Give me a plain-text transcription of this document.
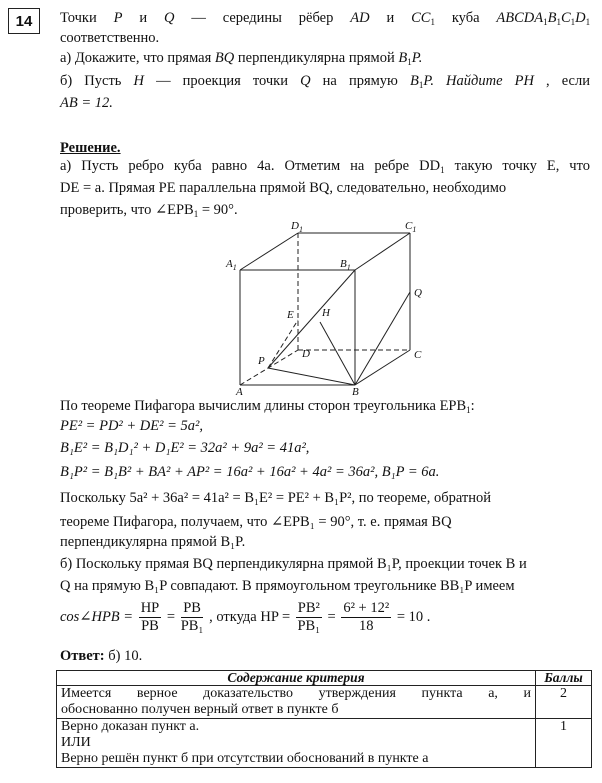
14	Точки P и Q — середины рёбер AD и $CC_1$ куба $ABCDA_1B_1C_1D_1$
соответственно.
а) Докажите, что прямая BQ перпендикулярна прямой $B_1P$.
б) Пусть H — проекция точки Q на прямую $B_1P$. Найдите PH , если
AB = 12.
Решение.
а) Пусть ребро куба равно 4a. Отметим на ребре $DD_1$ такую точку E, что
DE = a. Прямая PE параллельна прямой BQ, следовательно, необходимо
проверить, что $\angle EPB_1 = 90^\circ$.
$A_1$	$B_1$
$D_1$	$C_1$
A	B
C
D
E	H
P
Q
По теореме Пифагора вычислим длины сторон треугольника $EPB_1$:
PE² = PD² + DE² = 5a²,
B₁E² = B₁D₁² + D₁E² = 32a² + 9a² = 41a²,
B₁P² = B₁B² + BA² + AP² = 16a² + 16a² + 4a² = 36a², B₁P = 6a.
Поскольку 5a² + 36a² = 41a² = B₁E² = PE² + B₁P², по теореме, обратной
теореме Пифагора, получаем, что ∠EPB₁ = 90°, т. е. прямая BQ
перпендикулярна прямой B₁P.
б) Поскольку прямая BQ перпендикулярна прямой B₁P, проекции точек B и
Q на прямую B₁P совпадают. В прямоугольном треугольнике BB₁P имеем
cos∠HPB = $\frac{HP}{PB} = \frac{PB}{\text{PB₁}}$ , откуда HP = $\frac{\text{PB²}}{\text{PB₁}} = \frac{\text{6² + 12²}}{18} = 10$ .
Ответ: б) 10.
Содержание критерия	Баллы

Имеется верное доказательство утверждения пункта а, и
обоснованно получен верный ответ в пункте б	2

Верно доказан пункт а.
ИЛИ
Верно решён пункт б при отсутствии обоснований в пункте а	1
